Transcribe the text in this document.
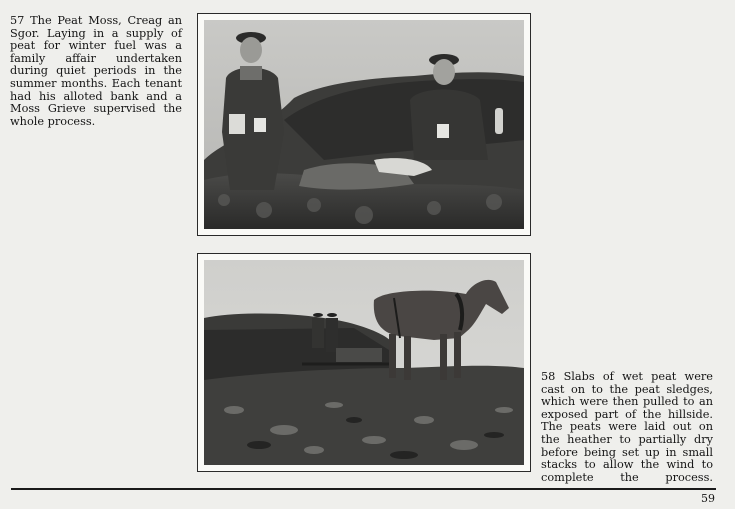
57 The Peat Moss, Creag an Sgor. Laying in a supply of peat for winter fuel was a family affair undertaken during quiet periods in the summer months. Each tenant had his alloted bank and a Moss Grieve supervised the whole process.

58 Slabs of wet peat were cast on to the peat sledges, which were then pulled to an exposed part of the hillside. The peats were laid out on the heather to partially dry before being set up in small stacks to allow the wind to complete the process.

59
